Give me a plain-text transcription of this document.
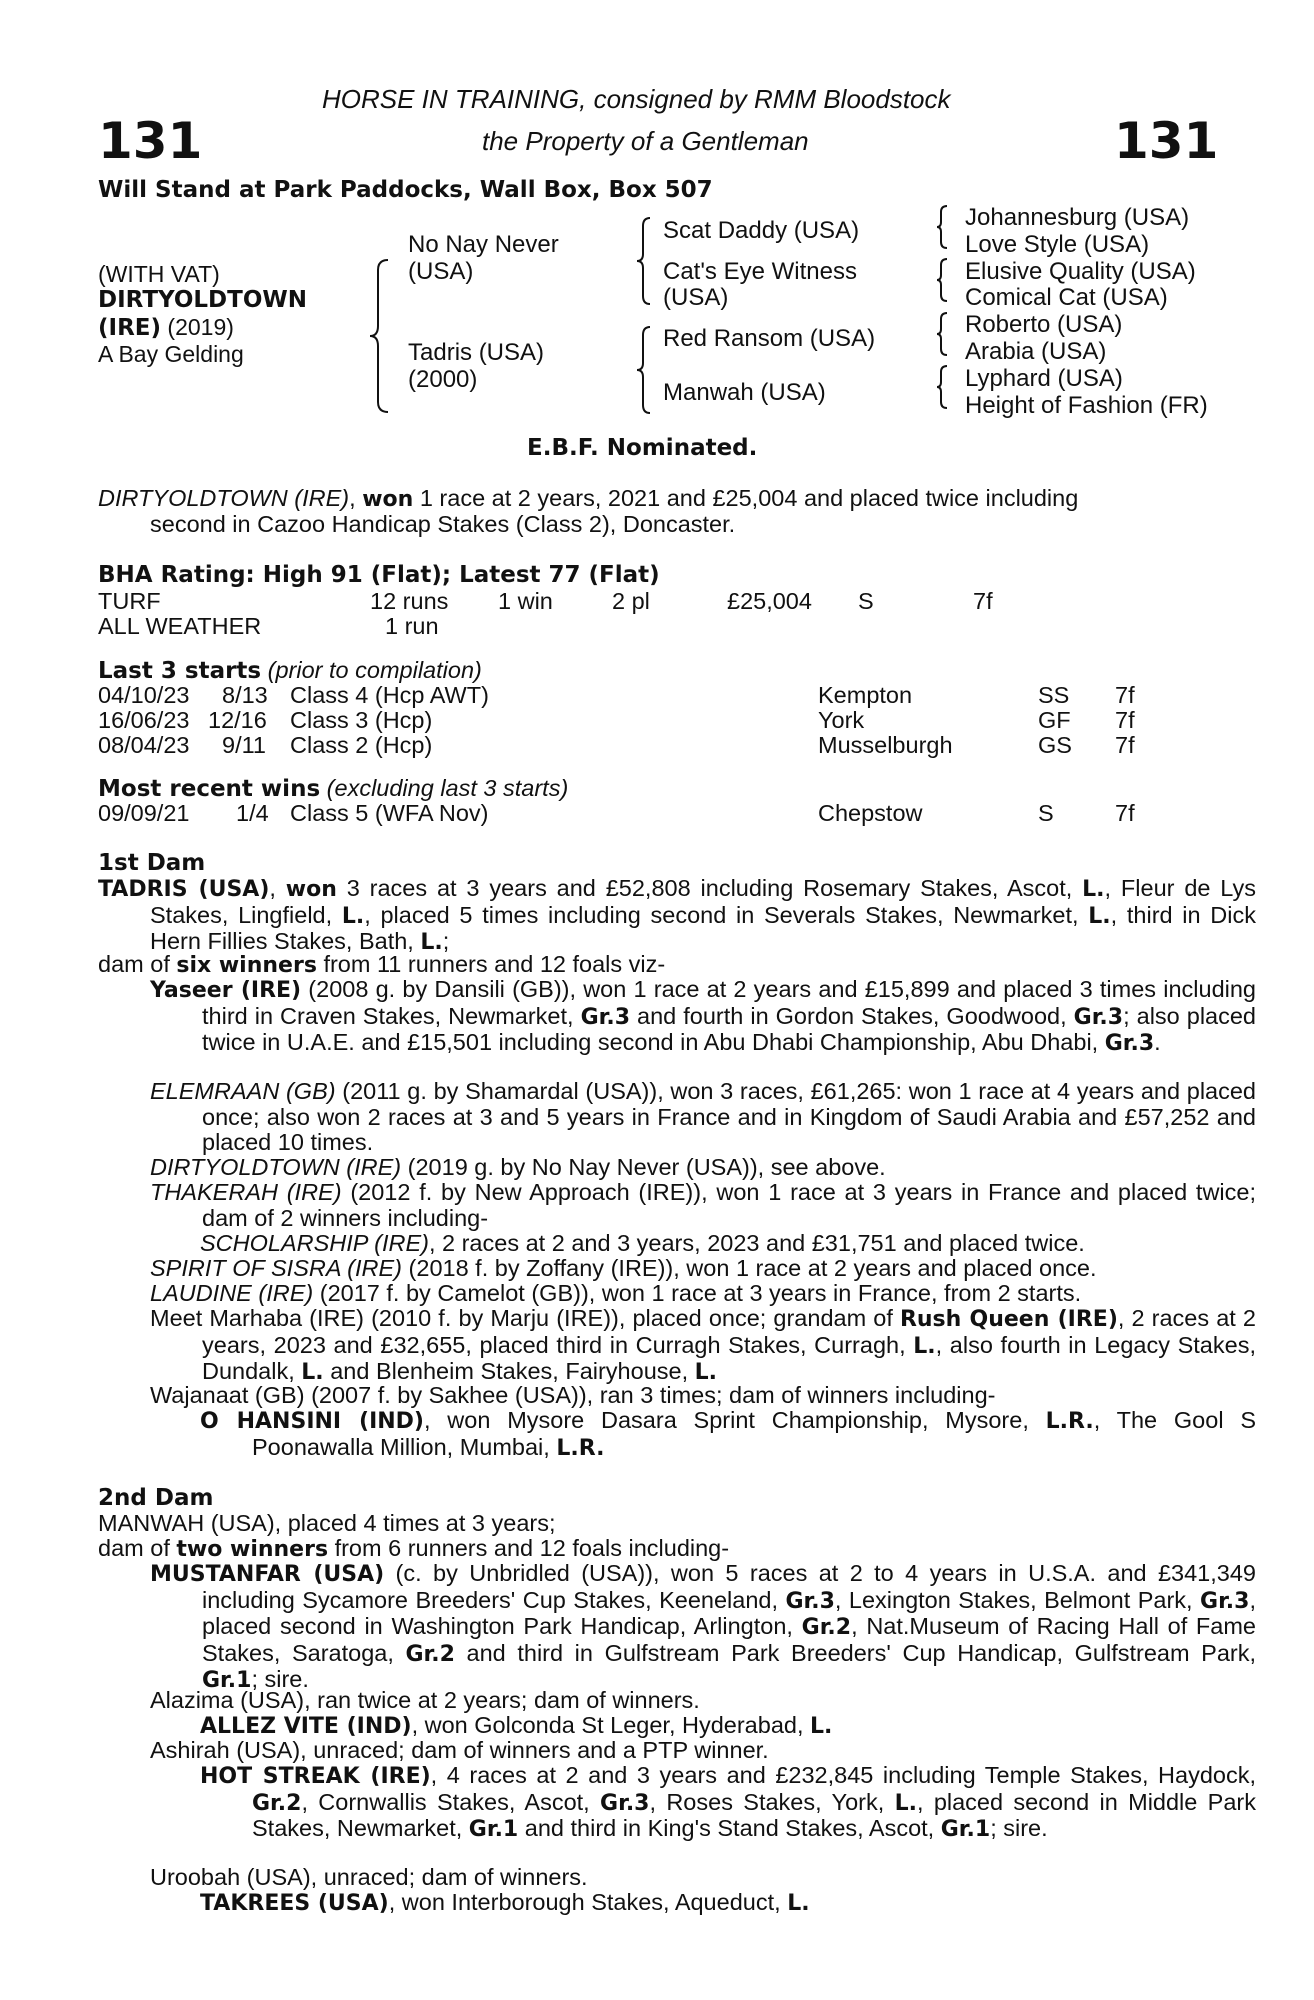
HORSE IN TRAINING, consigned by RMM Bloodstock
131	the Property of a Gentleman	131
Will Stand at Park Paddocks, Wall Box, Box 507
(WITH VAT)
DIRTYOLDTOWN
(IRE) (2019)
A Bay Gelding
No Nay Never
(USA)
Tadris (USA)
(2000)
Scat Daddy (USA)
Cat's Eye Witness
(USA)
Red Ransom (USA)
Manwah (USA)
Johannesburg (USA)
Love Style (USA)
Elusive Quality (USA)
Comical Cat (USA)
Roberto (USA)
Arabia (USA)
Lyphard (USA)
Height of Fashion (FR)
E.B.F. Nominated.
DIRTYOLDTOWN (IRE), won 1 race at 2 years, 2021 and £25,004 and placed twice including
second in Cazoo Handicap Stakes (Class 2), Doncaster.
BHA Rating: High 91 (Flat); Latest 77 (Flat)
TURF	12 runs 1 win	2 pl	£25,004 S	7f
ALL WEATHER	1 run
Last 3 starts (prior to compilation)
04/10/23 8/13 Class 4 (Hcp AWT)	Kempton	SS 7f
16/06/23 12/16 Class 3 (Hcp)	York	GF 7f
08/04/23 9/11 Class 2 (Hcp)	Musselburgh	GS 7f
Most recent wins (excluding last 3 starts)
09/09/21 1/4 Class 5 (WFA Nov)	Chepstow	S	7f
1st Dam
TADRIS (USA), won 3 races at 3 years and £52,808 including Rosemary Stakes, Ascot, L., Fleur de Lys Stakes, Lingfield, L., placed 5 times including second in Severals Stakes, Newmarket, L., third in Dick Hern Fillies Stakes, Bath, L.;
dam of six winners from 11 runners and 12 foals viz-
Yaseer (IRE) (2008 g. by Dansili (GB)), won 1 race at 2 years and £15,899 and placed 3 times including third in Craven Stakes, Newmarket, Gr.3 and fourth in Gordon Stakes, Goodwood, Gr.3; also placed twice in U.A.E. and £15,501 including second in Abu Dhabi Championship, Abu Dhabi, Gr.3.
ELEMRAAN (GB) (2011 g. by Shamardal (USA)), won 3 races, £61,265: won 1 race at 4 years and placed once; also won 2 races at 3 and 5 years in France and in Kingdom of Saudi Arabia and £57,252 and placed 10 times.
DIRTYOLDTOWN (IRE) (2019 g. by No Nay Never (USA)), see above.
THAKERAH (IRE) (2012 f. by New Approach (IRE)), won 1 race at 3 years in France and placed twice; dam of 2 winners including-
SCHOLARSHIP (IRE), 2 races at 2 and 3 years, 2023 and £31,751 and placed twice.
SPIRIT OF SISRA (IRE) (2018 f. by Zoffany (IRE)), won 1 race at 2 years and placed once.
LAUDINE (IRE) (2017 f. by Camelot (GB)), won 1 race at 3 years in France, from 2 starts.
Meet Marhaba (IRE) (2010 f. by Marju (IRE)), placed once; grandam of Rush Queen (IRE), 2 races at 2 years, 2023 and £32,655, placed third in Curragh Stakes, Curragh, L., also fourth in Legacy Stakes, Dundalk, L. and Blenheim Stakes, Fairyhouse, L.
Wajanaat (GB) (2007 f. by Sakhee (USA)), ran 3 times; dam of winners including-
O HANSINI (IND), won Mysore Dasara Sprint Championship, Mysore, L.R., The Gool S Poonawalla Million, Mumbai, L.R.
2nd Dam
MANWAH (USA), placed 4 times at 3 years;
dam of two winners from 6 runners and 12 foals including-
MUSTANFAR (USA) (c. by Unbridled (USA)), won 5 races at 2 to 4 years in U.S.A. and £341,349 including Sycamore Breeders' Cup Stakes, Keeneland, Gr.3, Lexington Stakes, Belmont Park, Gr.3, placed second in Washington Park Handicap, Arlington, Gr.2, Nat.Museum of Racing Hall of Fame Stakes, Saratoga, Gr.2 and third in Gulfstream Park Breeders' Cup Handicap, Gulfstream Park, Gr.1; sire.
Alazima (USA), ran twice at 2 years; dam of winners.
ALLEZ VITE (IND), won Golconda St Leger, Hyderabad, L.
Ashirah (USA), unraced; dam of winners and a PTP winner.
HOT STREAK (IRE), 4 races at 2 and 3 years and £232,845 including Temple Stakes, Haydock, Gr.2, Cornwallis Stakes, Ascot, Gr.3, Roses Stakes, York, L., placed second in Middle Park Stakes, Newmarket, Gr.1 and third in King's Stand Stakes, Ascot, Gr.1; sire.
Uroobah (USA), unraced; dam of winners.
TAKREES (USA), won Interborough Stakes, Aqueduct, L.
